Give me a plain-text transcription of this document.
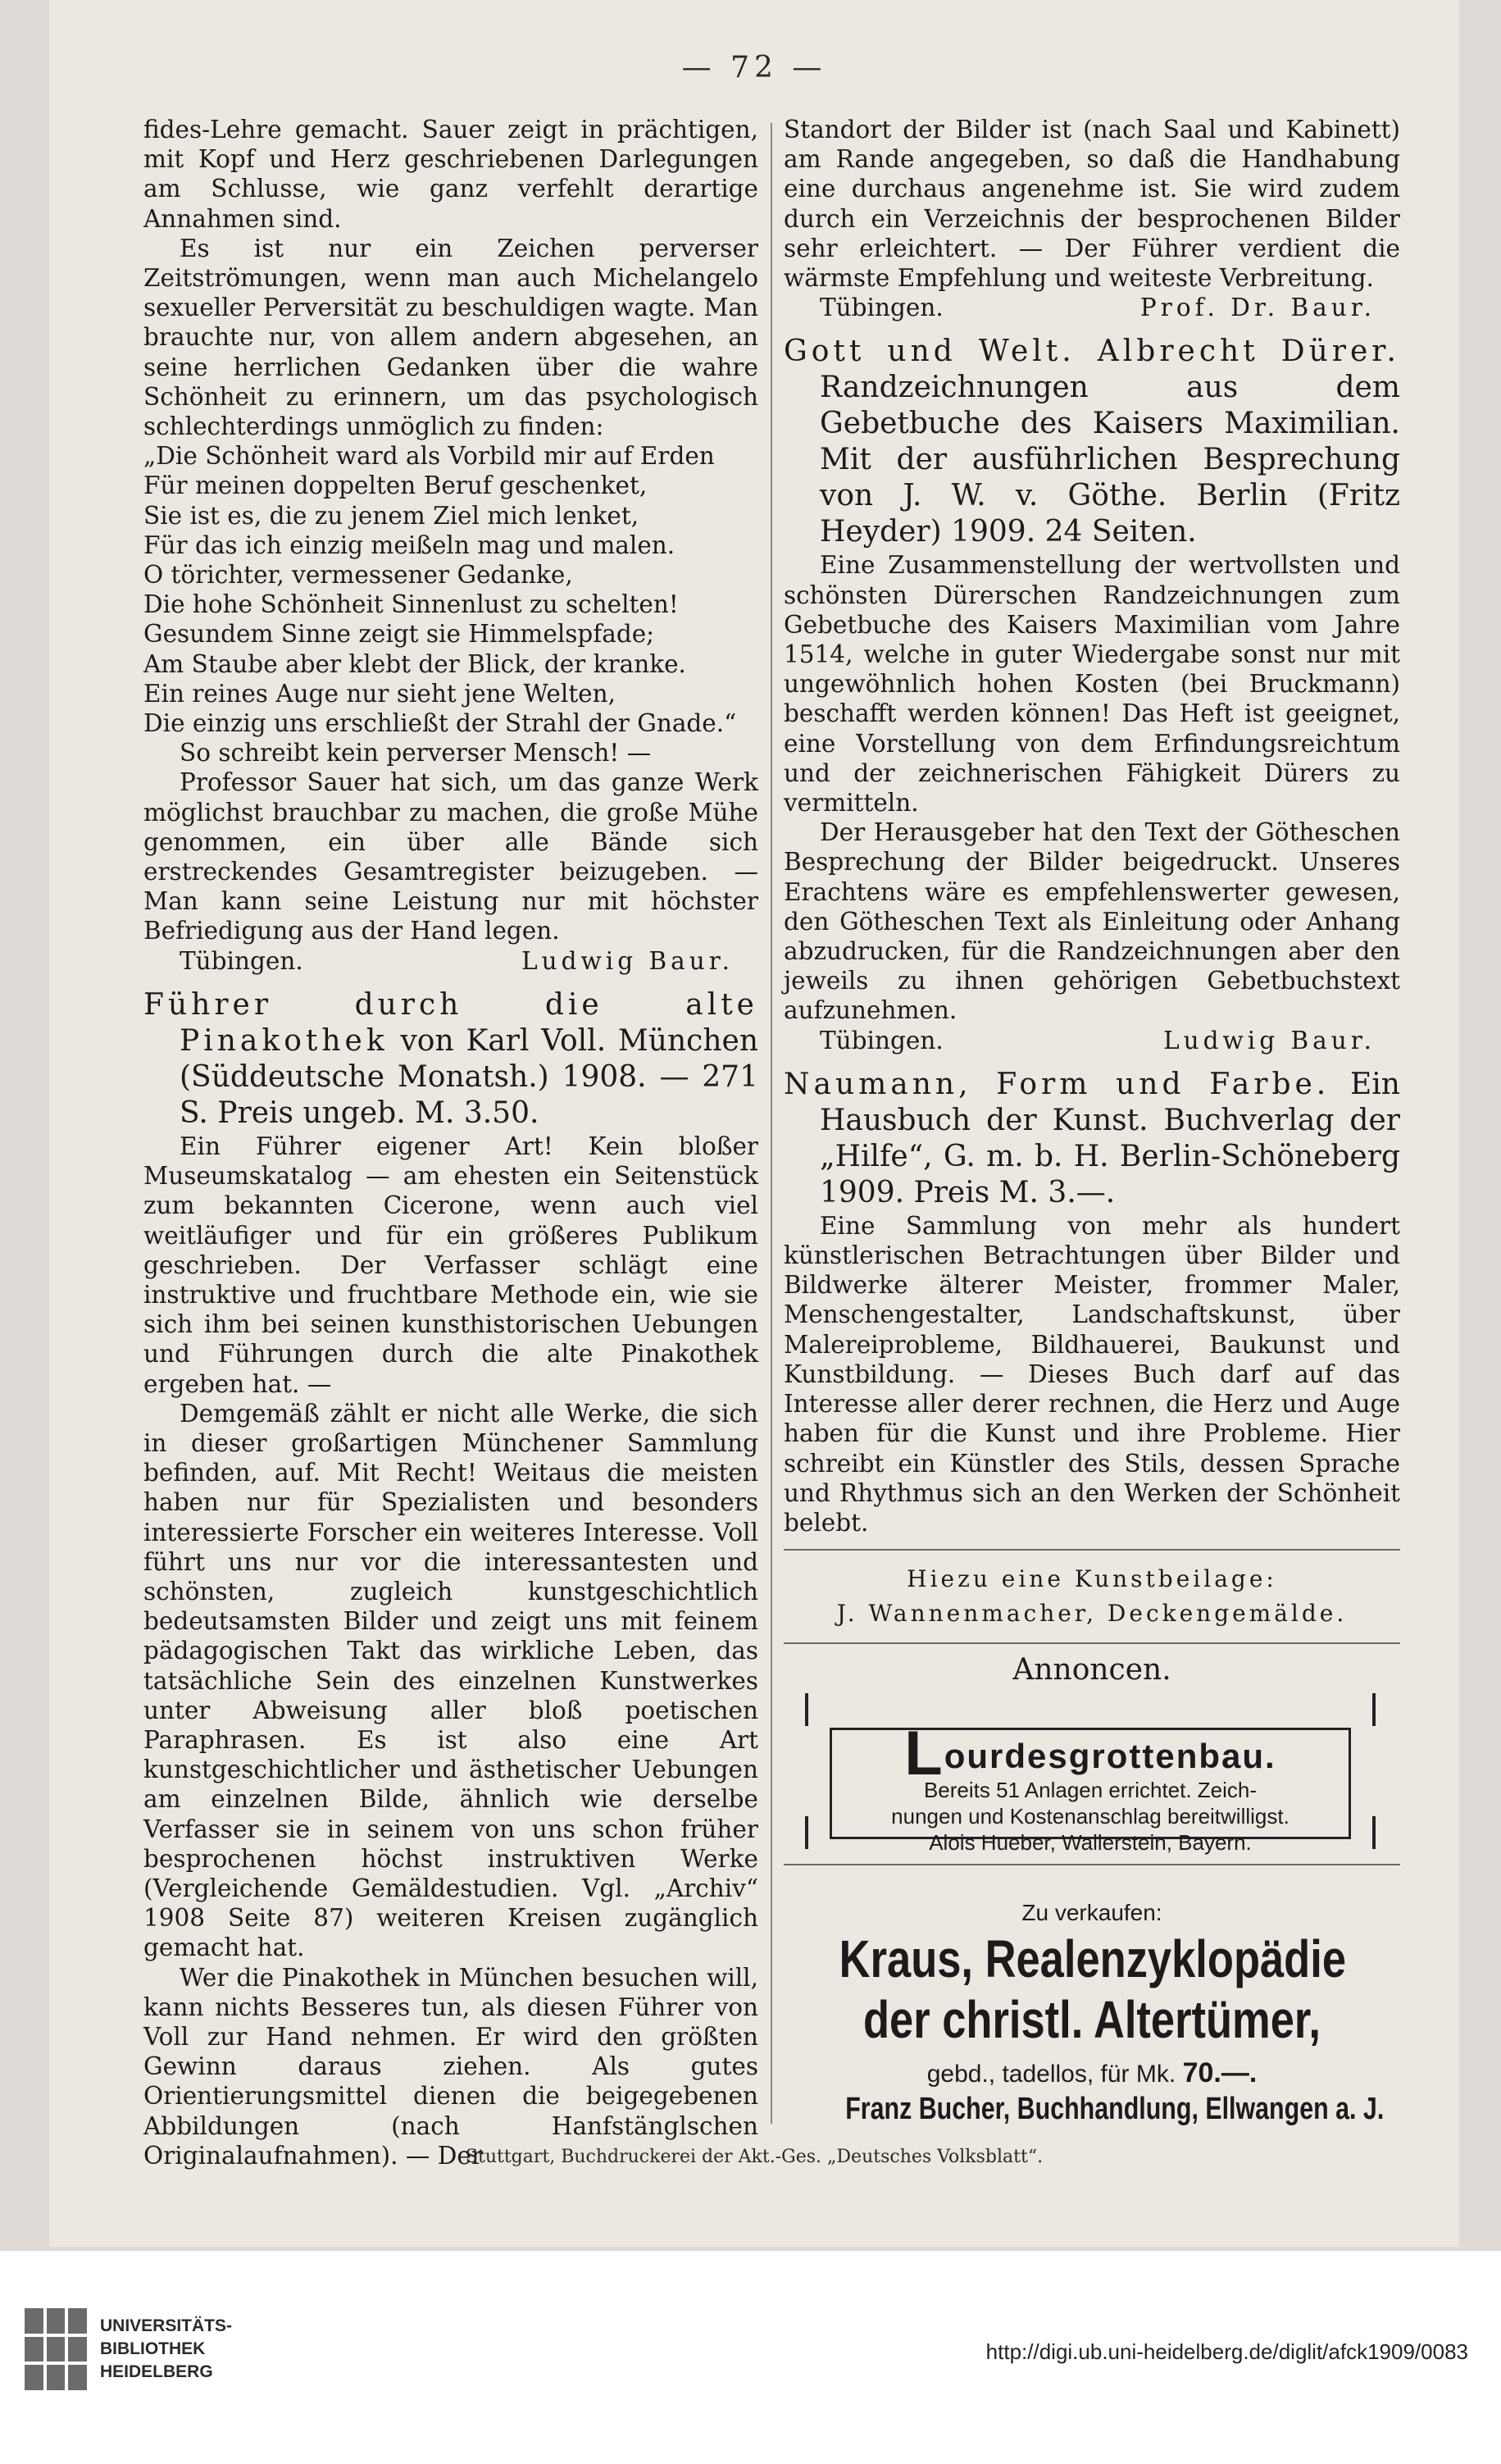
— 72 —

fides-Lehre gemacht. Sauer zeigt in prächtigen, mit Kopf und Herz geschriebenen Darlegungen am Schlusse, wie ganz verfehlt derartige Annahmen sind.

Es ist nur ein Zeichen perverser Zeitströmungen, wenn man auch Michelangelo sexueller Perversität zu beschuldigen wagte. Man brauchte nur, von allem andern abgesehen, an seine herrlichen Gedanken über die wahre Schönheit zu erinnern, um das psychologisch schlechterdings unmöglich zu finden:

„Die Schönheit ward als Vorbild mir auf Erden
Für meinen doppelten Beruf geschenket,
Sie ist es, die zu jenem Ziel mich lenket,
Für das ich einzig meißeln mag und malen.
O törichter, vermessener Gedanke,
Die hohe Schönheit Sinnenlust zu schelten!
Gesundem Sinne zeigt sie Himmelspfade;
Am Staube aber klebt der Blick, der kranke.
Ein reines Auge nur sieht jene Welten,
Die einzig uns erschließt der Strahl der Gnade.“

So schreibt kein perverser Mensch! —

Professor Sauer hat sich, um das ganze Werk möglichst brauchbar zu machen, die große Mühe genommen, ein über alle Bände sich erstreckendes Gesamtregister beizugeben. — Man kann seine Leistung nur mit höchster Befriedigung aus der Hand legen.

Tübingen.	Ludwig Baur.
Führer durch die alte Pinakothek von Karl Voll. München (Süddeutsche Monatsh.) 1908. — 271 S. Preis ungeb. M. 3.50.

Ein Führer eigener Art! Kein bloßer Museumskatalog — am ehesten ein Seitenstück zum bekannten Cicerone, wenn auch viel weitläufiger und für ein größeres Publikum geschrieben. Der Verfasser schlägt eine instruktive und fruchtbare Methode ein, wie sie sich ihm bei seinen kunsthistorischen Uebungen und Führungen durch die alte Pinakothek ergeben hat. —

Demgemäß zählt er nicht alle Werke, die sich in dieser großartigen Münchener Sammlung befinden, auf. Mit Recht! Weitaus die meisten haben nur für Spezialisten und besonders interessierte Forscher ein weiteres Interesse. Voll führt uns nur vor die interessantesten und schönsten, zugleich kunstgeschichtlich bedeutsamsten Bilder und zeigt uns mit feinem pädagogischen Takt das wirkliche Leben, das tatsächliche Sein des einzelnen Kunstwerkes unter Abweisung aller bloß poetischen Paraphrasen. Es ist also eine Art kunstgeschichtlicher und ästhetischer Uebungen am einzelnen Bilde, ähnlich wie derselbe Verfasser sie in seinem von uns schon früher besprochenen höchst instruktiven Werke (Vergleichende Gemäldestudien. Vgl. „Archiv“ 1908 Seite 87) weiteren Kreisen zugänglich gemacht hat.

Wer die Pinakothek in München besuchen will, kann nichts Besseres tun, als diesen Führer von Voll zur Hand nehmen. Er wird den größten Gewinn daraus ziehen. Als gutes Orientierungsmittel dienen die beigegebenen Abbildungen (nach Hanfstänglschen Originalaufnahmen). — Der

Standort der Bilder ist (nach Saal und Kabinett) am Rande angegeben, so daß die Handhabung eine durchaus angenehme ist. Sie wird zudem durch ein Verzeichnis der besprochenen Bilder sehr erleichtert. — Der Führer verdient die wärmste Empfehlung und weiteste Verbreitung.

Tübingen.	Prof. Dr. Baur.
Gott und Welt. Albrecht Dürer. Randzeichnungen aus dem Gebetbuche des Kaisers Maximilian. Mit der ausführlichen Besprechung von J. W. v. Göthe. Berlin (Fritz Heyder) 1909. 24 Seiten.

Eine Zusammenstellung der wertvollsten und schönsten Dürerschen Randzeichnungen zum Gebetbuche des Kaisers Maximilian vom Jahre 1514, welche in guter Wiedergabe sonst nur mit ungewöhnlich hohen Kosten (bei Bruckmann) beschafft werden können! Das Heft ist geeignet, eine Vorstellung von dem Erfindungsreichtum und der zeichnerischen Fähigkeit Dürers zu vermitteln.

Der Herausgeber hat den Text der Götheschen Besprechung der Bilder beigedruckt. Unseres Erachtens wäre es empfehlenswerter gewesen, den Götheschen Text als Einleitung oder Anhang abzudrucken, für die Randzeichnungen aber den jeweils zu ihnen gehörigen Gebetbuchstext aufzunehmen.

Tübingen.	Ludwig Baur.
Naumann, Form und Farbe. Ein Hausbuch der Kunst. Buchverlag der „Hilfe“, G. m. b. H. Berlin-Schöneberg 1909. Preis M. 3.—.

Eine Sammlung von mehr als hundert künstlerischen Betrachtungen über Bilder und Bildwerke älterer Meister, frommer Maler, Menschengestalter, Landschaftskunst, über Malereiprobleme, Bildhauerei, Baukunst und Kunstbildung. — Dieses Buch darf auf das Interesse aller derer rechnen, die Herz und Auge haben für die Kunst und ihre Probleme. Hier schreibt ein Künstler des Stils, dessen Sprache und Rhythmus sich an den Werken der Schönheit belebt.

Hiezu eine Kunstbeilage:
J. Wannenmacher, Deckengemälde.
Annoncen.
Lourdesgrottenbau.
Bereits 51 Anlagen errichtet. Zeich-
nungen und Kostenanschlag bereitwilligst.
Alois Hueber, Wallerstein, Bayern.
Zu verkaufen:
Kraus, Realenzyklopädie
der christl. Altertümer,
gebd., tadellos, für Mk. 70.—.
Franz Bucher, Buchhandlung, Ellwangen a. J.
Stuttgart, Buchdruckerei der Akt.-Ges. „Deutsches Volksblatt“.
UNIVERSITÄTS-
BIBLIOTHEK
HEIDELBERG
http://digi.ub.uni-heidelberg.de/diglit/afck1909/0083
